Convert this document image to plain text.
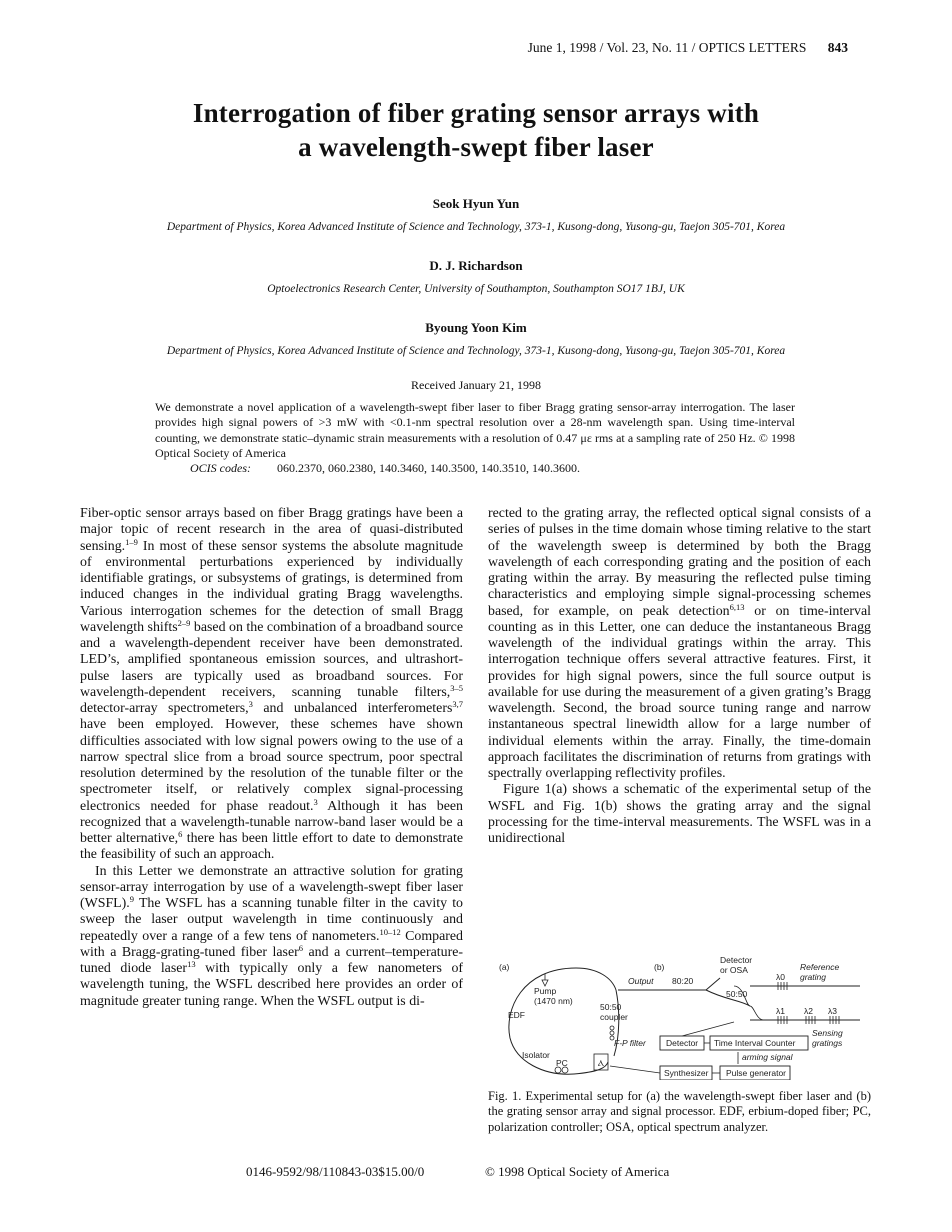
June 1, 1998 / Vol. 23, No. 11 / OPTICS LETTERS 843
Interrogation of fiber grating sensor arrays with
a wavelength-swept fiber laser
Seok Hyun Yun
Department of Physics, Korea Advanced Institute of Science and Technology, 373-1, Kusong-dong, Yusong-gu, Taejon 305-701, Korea
D. J. Richardson
Optoelectronics Research Center, University of Southampton, Southampton SO17 1BJ, UK
Byoung Yoon Kim
Department of Physics, Korea Advanced Institute of Science and Technology, 373-1, Kusong-dong, Yusong-gu, Taejon 305-701, Korea
Received January 21, 1998
We demonstrate a novel application of a wavelength-swept fiber laser to fiber Bragg grating sensor-array interrogation. The laser provides high signal powers of >3 mW with <0.1-nm spectral resolution over a 28-nm wavelength span. Using time-interval counting, we demonstrate static–dynamic strain measurements with a resolution of 0.47 με rms at a sampling rate of 250 Hz. © 1998 Optical Society of America
OCIS codes: 060.2370, 060.2380, 140.3460, 140.3500, 140.3510, 140.3600.

Fiber-optic sensor arrays based on fiber Bragg gratings have been a major topic of recent research in the area of quasi-distributed sensing.$^{1-9}$ In most of these sensor systems the absolute magnitude of environmental perturbations experienced by individually identifiable gratings, or subsystems of gratings, is determined from induced changes in the individual grating Bragg wavelengths. Various interrogation schemes for the detection of small Bragg wavelength shifts$^{2-9}$ based on the combination of a broadband source and a wavelength-dependent receiver have been demonstrated. LED’s, amplified spontaneous emission sources, and ultrashort-pulse lasers are typically used as broadband sources. For wavelength-dependent receivers, scanning tunable filters,$^{3-5}$ detector-array spectrometers,$^3$ and unbalanced interferometers$^{3,7}$ have been employed. However, these schemes have shown difficulties associated with low signal powers owing to the use of a narrow spectral slice from a broad source spectrum, poor spectral resolution determined by the resolution of the tunable filter or the spectrometer itself, or relatively complex signal-processing electronics needed for phase readout.$^3$ Although it has been recognized that a wavelength-tunable narrow-band laser would be a better alternative,$^6$ there has been little effort to date to demonstrate the feasibility of such an approach.

In this Letter we demonstrate an attractive solution for grating sensor-array interrogation by use of a wavelength-swept fiber laser (WSFL).$^9$ The WSFL has a scanning tunable filter in the cavity to sweep the laser output wavelength in time continuously and repeatedly over a range of a few tens of nanometers.$^{10-12}$ Compared with a Bragg-grating-tuned fiber laser$^6$ and a current–temperature-tuned diode laser$^{13}$ with typically only a few nanometers of wavelength tuning, the WSFL described here provides an order of magnitude greater tuning range. When the WSFL output is di-

rected to the grating array, the reflected optical signal consists of a series of pulses in the time domain whose timing relative to the start of the wavelength sweep is determined by both the Bragg wavelength of each corresponding grating and the position of each grating within the array. By measuring the reflected pulse timing characteristics and employing simple signal-processing schemes based, for example, on peak detection$^{6,13}$ or on time-interval counting as in this Letter, one can deduce the instantaneous Bragg wavelength of the individual gratings within the array. This interrogation technique offers several attractive features. First, it provides for high signal powers, since the full source output is available for use during the measurement of a given grating’s Bragg wavelength. Second, the broad source tuning range and narrow instantaneous spectral linewidth allow for a large number of individual elements within the array. Finally, the time-domain approach facilitates the discrimination of returns from gratings with spectrally overlapping reflectivity profiles.

Figure 1(a) shows a schematic of the experimental setup of the WSFL and Fig. 1(b) shows the grating array and the signal processing for the time-interval measurements. The WSFL was in a unidirectional

(a)
Pump
(1470 nm)
50:50
coupler
EDF
Isolator
PC	Ⲁ
F-P filter
Output
(b)
80:20
Detector
or OSA
50:50
λ0
λ1 λ2 λ3
Reference
grating
Sensing
gratings
Detector Time Interval Counter
arming signal
Synthesizer Pulse generator
Fig. 1. Experimental setup for (a) the wavelength-swept fiber laser and (b) the grating sensor array and signal processor. EDF, erbium-doped fiber; PC, polarization controller; OSA, optical spectrum analyzer.
0146-9592/98/110843-03$15.00/0	© 1998 Optical Society of America
